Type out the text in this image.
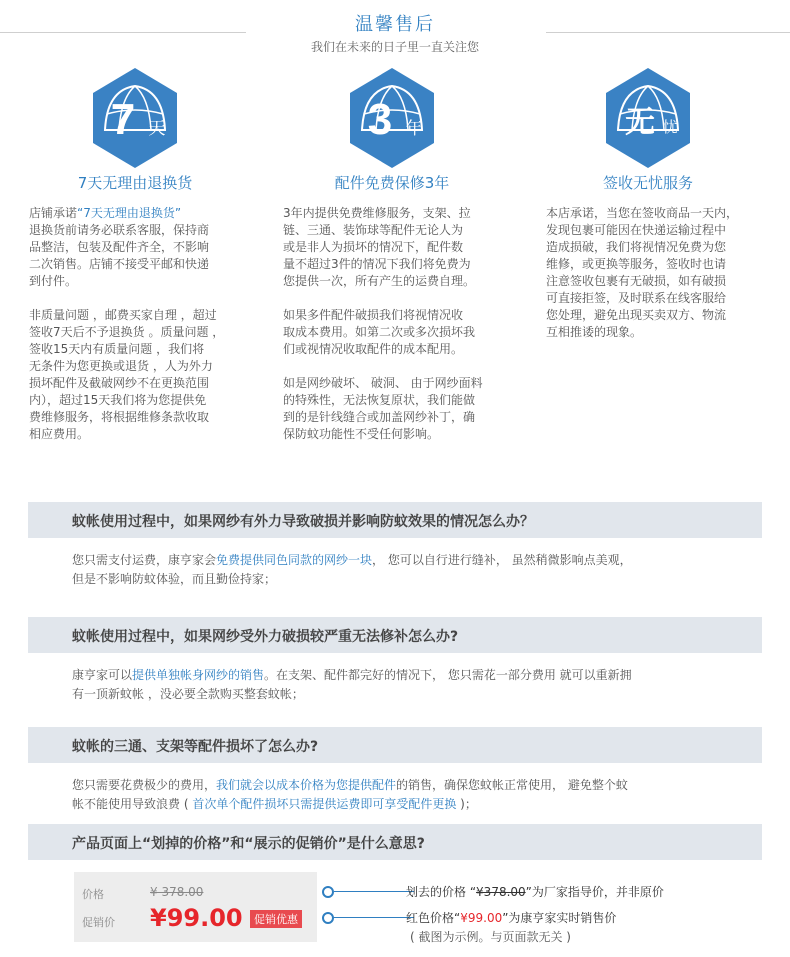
温馨售后
我们在未来的日子里一直关注您
7 天
7天无理由退换货
3 年
配件免费保修3年
无 忧
签收无忧服务

店铺承诺“7天无理由退换货”
退换货前请务必联系客服，保持商
品整洁，包装及配件齐全，不影响
二次销售。店铺不接受平邮和快递
到付件。

非质量问题 ，邮费买家自理 ，超过
签收7天后不予退换货 。质量问题 ，
签收15天内有质量问题 ，我们将
无条件为您更换或退货 ，人为外力
损坏配件及截破网纱不在更换范围
内），超过15天我们将为您提供免
费维修服务，将根据维修条款收取
相应费用。

3年内提供免费维修服务，支架、拉
链、三通、装饰球等配件无论人为
或是非人为损坏的情况下，配件数
量不超过3件的情况下我们将免费为
您提供一次，所有产生的运费自理。

如果多件配件破损我们将视情况收
取成本费用。如第二次或多次损坏我
们或视情况收取配件的成本配用。

如是网纱破坏、 破洞、 由于网纱面料
的特殊性，无法恢复原状，我们能做
到的是针线缝合或加盖网纱补丁，确
保防蚊功能性不受任何影响。

本店承诺，当您在签收商品一天内，
发现包裹可能因在快递运输过程中
造成损破，我们将视情况免费为您
维修，或更换等服务，签收时也请
注意签收包裹有无破损，如有破损
可直接拒签，及时联系在线客服给
您处理，避免出现买卖双方、物流
互相推诿的现象。

蚊帐使用过程中，如果网纱有外力导致破损并影响防蚊效果的情况怎么办？
您只需支付运费，康亨家会免费提供同色同款的网纱一块， 您可以自行进行缝补， 虽然稍微影响点美观，
但是不影响防蚊体验，而且勤俭持家；
蚊帐使用过程中，如果网纱受外力破损较严重无法修补怎么办?
康亨家可以提供单独帐身网纱的销售。在支架、配件都完好的情况下， 您只需花一部分费用 就可以重新拥
有一顶新蚊帐 ，没必要全款购买整套蚊帐；
蚊帐的三通、支架等配件损坏了怎么办?
您只需要花费极少的费用，我们就会以成本价格为您提供配件的销售，确保您蚊帐正常使用， 避免整个蚊
帐不能使用导致浪费 ( 首次单个配件损坏只需提供运费即可享受配件更换 )；
产品页面上“划掉的价格”和“展示的促销价”是什么意思?
价格	¥ 378.00
促销价 ¥99.00	促销优惠
划去的价格 “¥378.00”为厂家指导价，并非原价
红色价格“¥99.00”为康亨家实时销售价
( 截图为示例。与页面款无关 )
